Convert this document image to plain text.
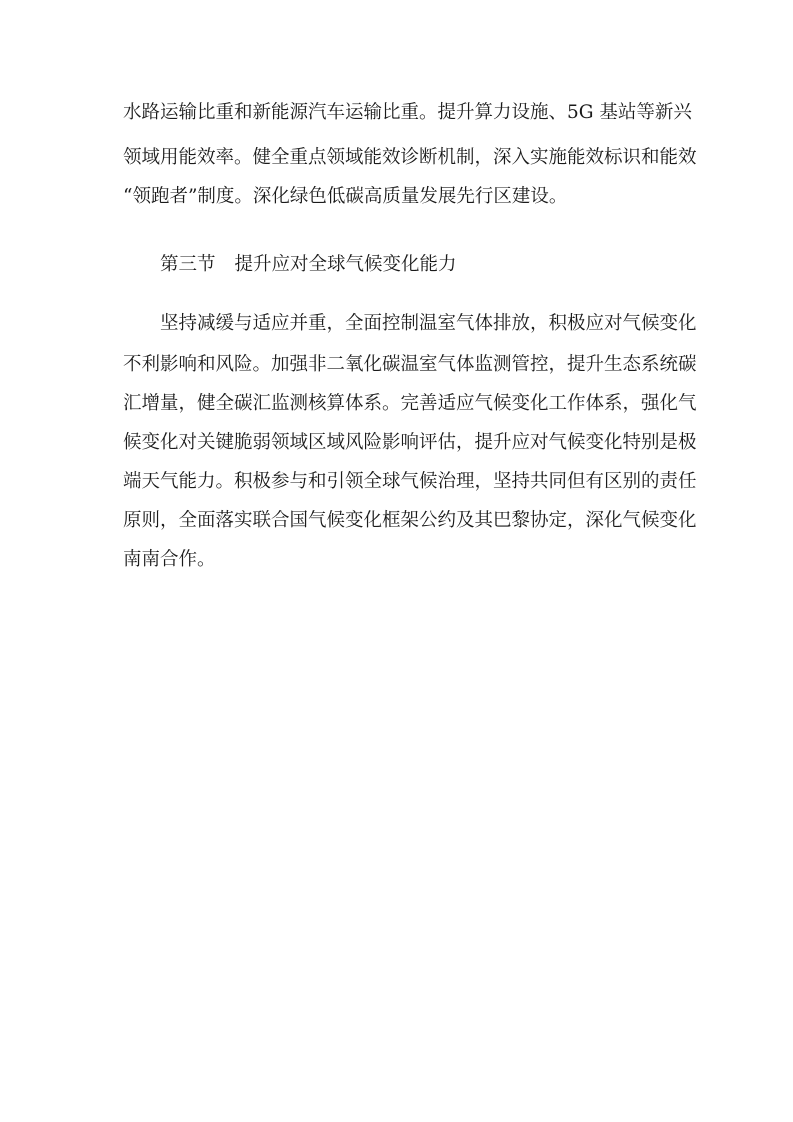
水路运输比重和新能源汽车运输比重。提升算力设施、5G 基站等新兴
领域用能效率。健全重点领域能效诊断机制，深入实施能效标识和能效
“领跑者”制度。深化绿色低碳高质量发展先行区建设。
第三节 提升应对全球气候变化能力
坚持减缓与适应并重，全面控制温室气体排放，积极应对气候变化
不利影响和风险。加强非二氧化碳温室气体监测管控，提升生态系统碳
汇增量，健全碳汇监测核算体系。完善适应气候变化工作体系，强化气
候变化对关键脆弱领域区域风险影响评估，提升应对气候变化特别是极
端天气能力。积极参与和引领全球气候治理，坚持共同但有区别的责任
原则，全面落实联合国气候变化框架公约及其巴黎协定，深化气候变化
南南合作。
